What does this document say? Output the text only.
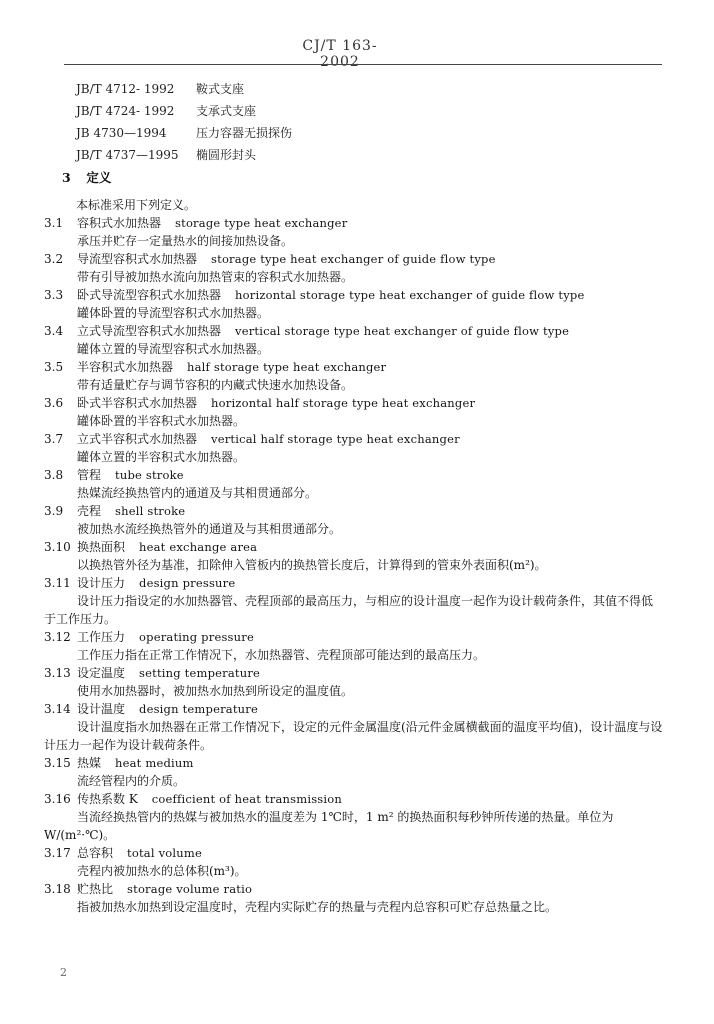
CJ/T 163- 2002
JB/T 4712- 1992	鞍式支座
JB/T 4724- 1992	支承式支座
JB 4730—1994	压力容器无损探伤
JB/T 4737—1995	椭圆形封头
3 定义
本标准采用下列定义。
3.1 容积式水加热器 storage type heat exchanger
承压并贮存一定量热水的间接加热设备。
3.2 导流型容积式水加热器 storage type heat exchanger of guide flow type
带有引导被加热水流向加热管束的容积式水加热器。
3.3 卧式导流型容积式水加热器 horizontal storage type heat exchanger of guide flow type
罐体卧置的导流型容积式水加热器。
3.4 立式导流型容积式水加热器 vertical storage type heat exchanger of guide flow type
罐体立置的导流型容积式水加热器。
3.5 半容积式水加热器 half storage type heat exchanger
带有适量贮存与调节容积的内藏式快速水加热设备。
3.6 卧式半容积式水加热器 horizontal half storage type heat exchanger
罐体卧置的半容积式水加热器。
3.7 立式半容积式水加热器 vertical half storage type heat exchanger
罐体立置的半容积式水加热器。
3.8 管程 tube stroke
热媒流经换热管内的通道及与其相贯通部分。
3.9 壳程 shell stroke
被加热水流经换热管外的通道及与其相贯通部分。
3.10 换热面积 heat exchange area
以换热管外径为基准，扣除伸入管板内的换热管长度后，计算得到的管束外表面积(m²)。
3.11 设计压力 design pressure
设计压力指设定的水加热器管、壳程顶部的最高压力，与相应的设计温度一起作为设计载荷条件，其值不得低于工作压力。
3.12 工作压力 operating pressure
工作压力指在正常工作情况下，水加热器管、壳程顶部可能达到的最高压力。
3.13 设定温度 setting temperature
使用水加热器时，被加热水加热到所设定的温度值。
3.14 设计温度 design temperature
设计温度指水加热器在正常工作情况下，设定的元件金属温度(沿元件金属横截面的温度平均值)，设计温度与设计压力一起作为设计载荷条件。
3.15 热媒 heat medium
流经管程内的介质。
3.16 传热系数 K coefficient of heat transmission
当流经换热管内的热媒与被加热水的温度差为 1℃时，1 m² 的换热面积每秒钟所传递的热量。单位为 W/(m²·℃)。
3.17 总容积 total volume
壳程内被加热水的总体积(m³)。
3.18 贮热比 storage volume ratio
指被加热水加热到设定温度时，壳程内实际贮存的热量与壳程内总容积可贮存总热量之比。
2
